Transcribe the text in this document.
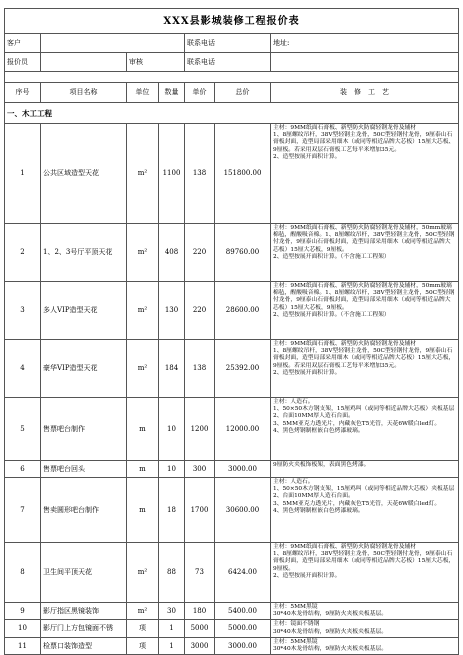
XXX县影城装修工程报价表						
客户				联系电话		地址:
报价员		审核		联系电话		

序号	项目名称	单位	数量	单价	总价	装　修　工　艺
一、木工工程						
1	公共区域造型天花	m²	1100	138	151800.00	主材：9MM纸面石膏板、新型防火防腐轻钢龙骨及辅材
1、8厘螺纹吊杆，38V型轻钢主龙骨，50C型轻钢付龙骨，9厘泰山石膏板封面，造型局部采用细木（或同等相近品牌大芯板）15厘大芯板、9厘板。若采用双层石膏板工艺每平米增加35元。
2、造型按展开面积计算。
2	1、2、3号厅平顶天花	m²	408	220	89760.00	主材：9MM纸面石膏板、新型防火防腐轻钢龙骨及辅材，50mm玻璃棉毡，醒酸吸音棉。1、8厘螺纹吊杆，38V型轻钢主龙骨，50C型轻钢付龙骨，9厘泰山石膏板封面，造型局部采用细木（或同等相近品牌大芯板）15厘大芯板，9厘板。
2、造型按展开面积计算。（不含施工工程架）
3	多人VIP造型天花	m²	130	220	28600.00	主材：9MM纸面石膏板、新型防火防腐轻钢龙骨及辅材，50mm玻璃棉毡，醒酸吸音棉。1、8厘螺纹吊杆，38V型轻钢主龙骨，50C型轻钢付龙骨，9厘泰山石膏板封面，造型局部采用细木（或同等相近品牌大芯板）15厘大芯板，9厘板。
2、造型按展开面积计算。（不含施工工程架）
4	豪华VIP造型天花	m²	184	138	25392.00	主材：9MM纸面石膏板、新型防火防腐轻钢龙骨及辅材
1、8厘螺纹吊杆，38V型轻钢主龙骨，50C型轻钢付龙骨，9厘泰山石膏板封面，造型局部采用细木（或同等相近品牌大芯板）15厘大芯板，9厘板。若采用双层石膏板工艺每平米增加35元。
2、造型按展开面积计算。
5	售票吧台制作	m	10	1200	12000.00	主材：人造石。
1、50×50木方钢支架，15厘鸡叫（或同等相近品牌大芯板）夹板基层
2、台面10MM厚人造石台面。
3、5MM亚克力透光片，内藏灰色T5光管，天花6W暖白led灯。
4、黑色烤钢制框嵌白色烤漆玻璃。
6	售票吧台回头	m	10	300	3000.00	9厘防火夹板饰板架，表面黑色烤漆。
7	售卖圆形吧台制作	m	18	1700	30600.00	主材：人造石。
1、50×50木方钢支架，15厘鸡叫（或同等相近品牌大芯板）夹板基层
2、台面10MM厚人造石台面。
3、5MM亚克力透光片，内藏灰色T5光管，天花6W暖白led灯。
4、黑色烤钢制框嵌白色烤漆玻璃。
8	卫生间平顶天花	m²	88	73	6424.00	主材：9MM纸面石膏板、新型防火防腐轻钢龙骨及辅材
1、8厘螺纹吊杆，38V型轻钢主龙骨，50C型轻钢付龙骨，9厘泰山石膏板封面，造型局部采用细木（或同等相近品牌大芯板）15厘大芯板，9厘板。
2、造型按展开面积计算。
9	影厅指区黑镜装饰	m²	30	180	5400.00	主材：5MM黑镜
30*40木龙骨结构，9厘防火夹板夹板基层。
10	影厅门上方包镜面不锈	项	1	5000	5000.00	主材：镜面不锈钢
30*40木龙骨结构，9厘防火夹板夹板基层。
11	检票口装饰造型	项	1	3000	3000.00	主材：5MM黑镜
30*40木龙骨结构，9厘防火夹板夹板基层。
